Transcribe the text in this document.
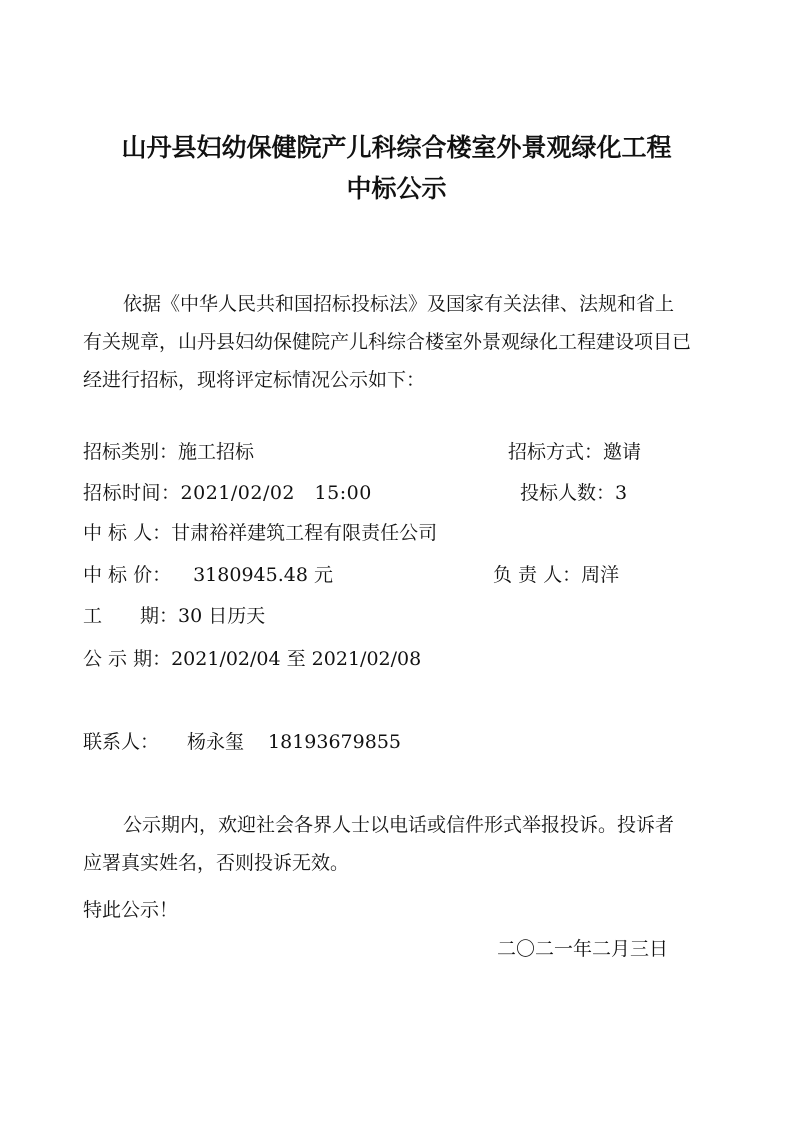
山丹县妇幼保健院产儿科综合楼室外景观绿化工程
中标公示

依据《中华人民共和国招标投标法》及国家有关法律、法规和省上有关规章，山丹县妇幼保健院产儿科综合楼室外景观绿化工程建设项目已经进行招标，现将评定标情况公示如下：

招标类别：施工招标	招标方式：邀请
招标时间：2021/02/02　15:00	投标人数：3
中 标 人：甘肃裕祥建筑工程有限责任公司
中 标 价： 3180945.48 元	负 责 人：周洋
工　　期：30 日历天
公 示 期：2021/02/04 至 2021/02/08
联系人： 杨永玺 18193679855

公示期内，欢迎社会各界人士以电话或信件形式举报投诉。投诉者应署真实姓名，否则投诉无效。

特此公示！
二〇二一年二月三日
